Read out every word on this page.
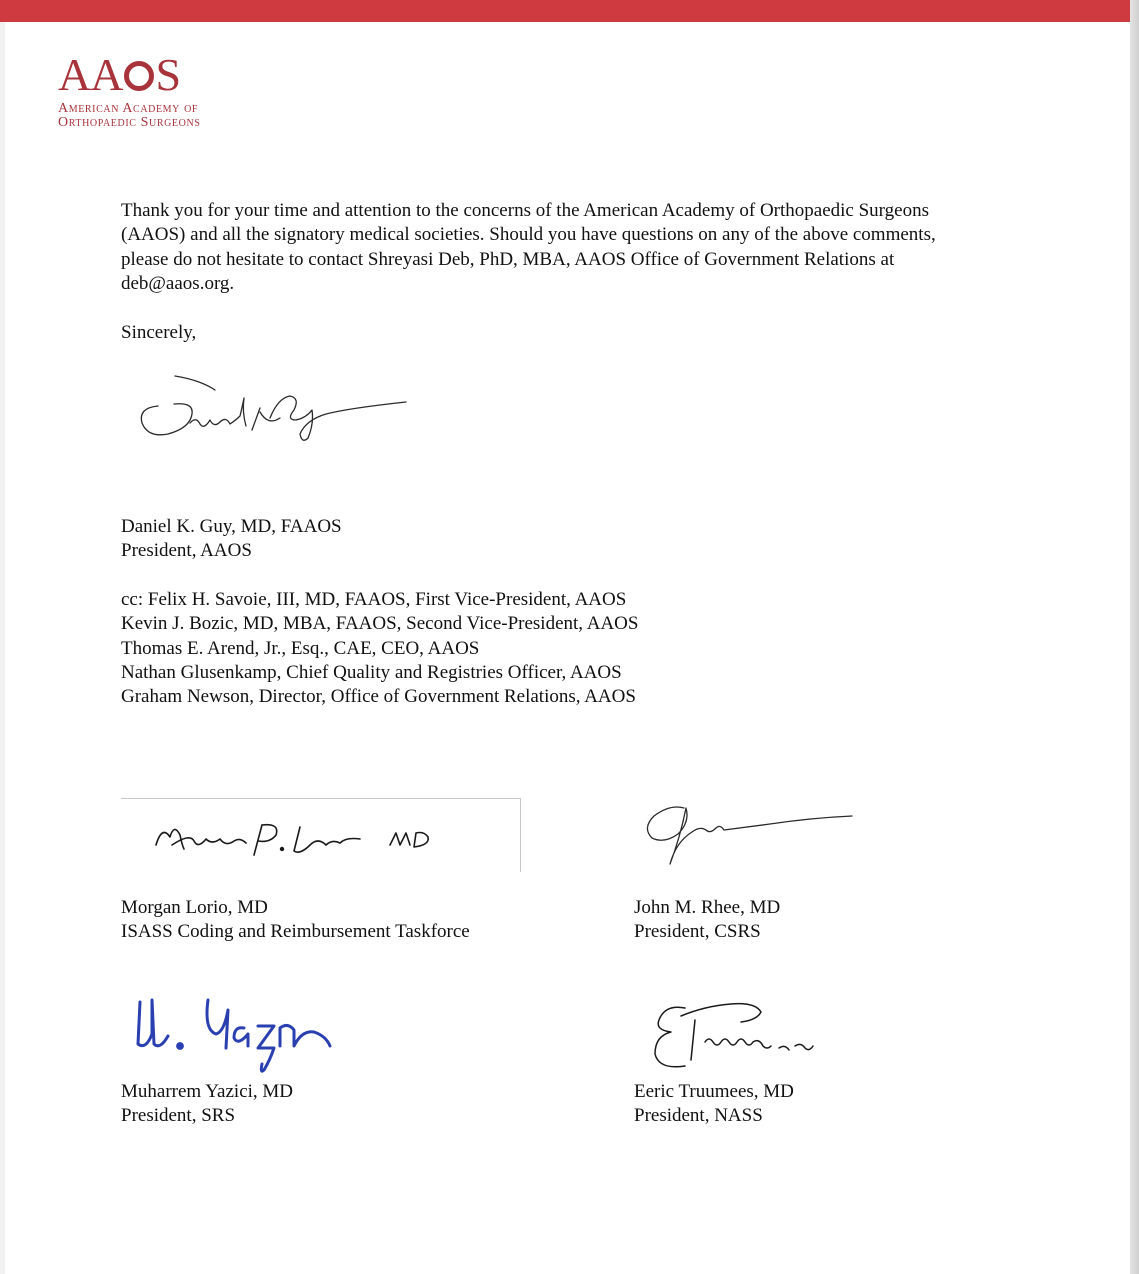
AA S
American Academy of
Orthopaedic Surgeons
Thank you for your time and attention to the concerns of the American Academy of Orthopaedic Surgeons
(AAOS) and all the signatory medical societies. Should you have questions on any of the above comments,
please do not hesitate to contact Shreyasi Deb, PhD, MBA, AAOS Office of Government Relations at
deb@aaos.org.
Sincerely,
Daniel K. Guy, MD, FAAOS
President, AAOS
cc: Felix H. Savoie, III, MD, FAAOS, First Vice-President, AAOS
Kevin J. Bozic, MD, MBA, FAAOS, Second Vice-President, AAOS
Thomas E. Arend, Jr., Esq., CAE, CEO, AAOS
Nathan Glusenkamp, Chief Quality and Registries Officer, AAOS
Graham Newson, Director, Office of Government Relations, AAOS
Morgan Lorio, MD
ISASS Coding and Reimbursement Taskforce
John M. Rhee, MD
President, CSRS
Muharrem Yazici, MD
President, SRS
Eeric Truumees, MD
President, NASS
